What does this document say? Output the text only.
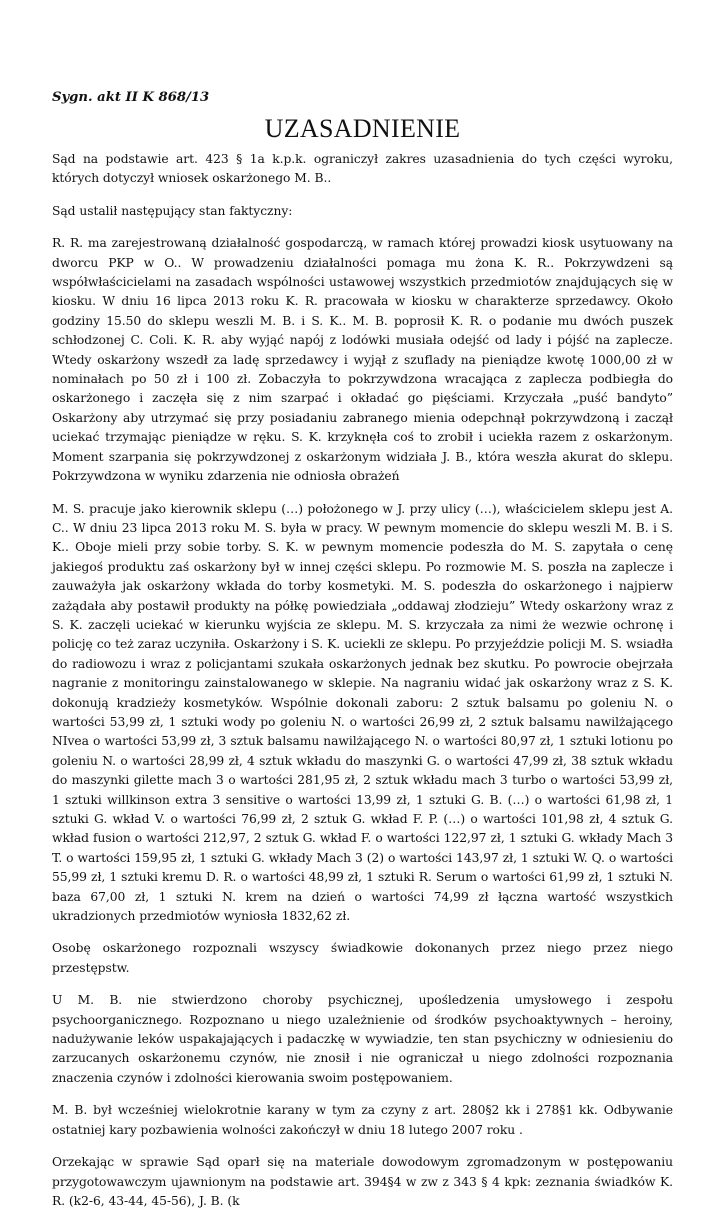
Sygn. akt II K 868/13

UZASADNIENIE

Sąd na podstawie art. 423 § 1a k.p.k. ograniczył zakres uzasadnienia do tych części wyroku, których dotyczył wniosek oskarżonego M. B..

Sąd ustalił następujący stan faktyczny:

R. R. ma zarejestrowaną działalność gospodarczą, w ramach której prowadzi kiosk usytuowany na dworcu PKP w O.. W prowadzeniu działalności pomaga mu żona K. R.. Pokrzywdzeni są współwłaścicielami na zasadach wspólności ustawowej wszystkich przedmiotów znajdujących się w kiosku. W dniu 16 lipca 2013 roku K. R. pracowała w kiosku w charakterze sprzedawcy. Około godziny 15.50 do sklepu weszli M. B. i S. K.. M. B. poprosił K. R. o podanie mu dwóch puszek schłodzonej C. Coli. K. R. aby wyjąć napój z lodówki musiała odejść od lady i pójść na zaplecze. Wtedy oskarżony wszedł za ladę sprzedawcy i wyjął z szuflady na pieniądze kwotę 1000,00 zł w nominałach po 50 zł i 100 zł. Zobaczyła to pokrzywdzona wracająca z zaplecza podbiegła do oskarżonego i zaczęła się z nim szarpać i okładać go pięściami. Krzyczała „puść bandyto” Oskarżony aby utrzymać się przy posiadaniu zabranego mienia odepchnął pokrzywdzoną i zaczął uciekać trzymając pieniądze w ręku. S. K. krzyknęła coś to zrobił i uciekła razem z oskarżonym. Moment szarpania się pokrzywdzonej z oskarżonym widziała J. B., która weszła akurat do sklepu. Pokrzywdzona w wyniku zdarzenia nie odniosła obrażeń

M. S. pracuje jako kierownik sklepu (…) położonego w J. przy ulicy (…), właścicielem sklepu jest A. C.. W dniu 23 lipca 2013 roku M. S. była w pracy. W pewnym momencie do sklepu weszli M. B. i S. K.. Oboje mieli przy sobie torby. S. K. w pewnym momencie podeszła do M. S. zapytała o cenę jakiegoś produktu zaś oskarżony był w innej części sklepu. Po rozmowie M. S. poszła na zaplecze i zauważyła jak oskarżony wkłada do torby kosmetyki. M. S. podeszła do oskarżonego i najpierw zażądała aby postawił produkty na półkę powiedziała „oddawaj złodzieju” Wtedy oskarżony wraz z S. K. zaczęli uciekać w kierunku wyjścia ze sklepu. M. S. krzyczała za nimi że wezwie ochronę i policję co też zaraz uczyniła. Oskarżony i S. K. uciekli ze sklepu. Po przyjeździe policji M. S. wsiadła do radiowozu i wraz z policjantami szukała oskarżonych jednak bez skutku. Po powrocie obejrzała nagranie z monitoringu zainstalowanego w sklepie. Na nagraniu widać jak oskarżony wraz z S. K. dokonują kradzieży kosmetyków. Wspólnie dokonali zaboru: 2 sztuk balsamu po goleniu N. o wartości 53,99 zł, 1 sztuki wody po goleniu N. o wartości 26,99 zł, 2 sztuk balsamu nawilżającego NIvea o wartości 53,99 zł, 3 sztuk balsamu nawilżającego N. o wartości 80,97 zł, 1 sztuki lotionu po goleniu N. o wartości 28,99 zł, 4 sztuk wkładu do maszynki G. o wartości 47,99 zł, 38 sztuk wkładu do maszynki gilette mach 3 o wartości 281,95 zł, 2 sztuk wkładu mach 3 turbo o wartości 53,99 zł, 1 sztuki willkinson extra 3 sensitive o wartości 13,99 zł, 1 sztuki G. B. (…) o wartości 61,98 zł, 1 sztuki G. wkład V. o wartości 76,99 zł, 2 sztuk G. wkład F. P. (…) o wartości 101,98 zł, 4 sztuk G. wkład fusion o wartości 212,97, 2 sztuk G. wkład F. o wartości 122,97 zł, 1 sztuki G. wkłady Mach 3 T. o wartości 159,95 zł, 1 sztuki G. wkłady Mach 3 (2) o wartości 143,97 zł, 1 sztuki W. Q. o wartości 55,99 zł, 1 sztuki kremu D. R. o wartości 48,99 zł, 1 sztuki R. Serum o wartości 61,99 zł, 1 sztuki N. baza 67,00 zł, 1 sztuki N. krem na dzień o wartości 74,99 zł łączna wartość wszystkich ukradzionych przedmiotów wyniosła 1832,62 zł.

Osobę oskarżonego rozpoznali wszyscy świadkowie dokonanych przez niego przez niego przestępstw.

U M. B. nie stwierdzono choroby psychicznej, upośledzenia umysłowego i zespołu psychoorganicznego. Rozpoznano u niego uzależnienie od środków psychoaktywnych – heroiny, nadużywanie leków uspakajających i padaczkę w wywiadzie, ten stan psychiczny w odniesieniu do zarzucanych oskarżonemu czynów, nie znosił i nie ograniczał u niego zdolności rozpoznania znaczenia czynów i zdolności kierowania swoim postępowaniem.

M. B. był wcześniej wielokrotnie karany w tym za czyny z art. 280§2 kk i 278§1 kk. Odbywanie ostatniej kary pozbawienia wolności zakończył w dniu 18 lutego 2007 roku .

Orzekając w sprawie Sąd oparł się na materiale dowodowym zgromadzonym w postępowaniu przygotowawczym ujawnionym na podstawie art. 394§4 w zw z 343 § 4 kpk: zeznania świadków K. R. (k2-6, 43-44, 45-56), J. B. (k
